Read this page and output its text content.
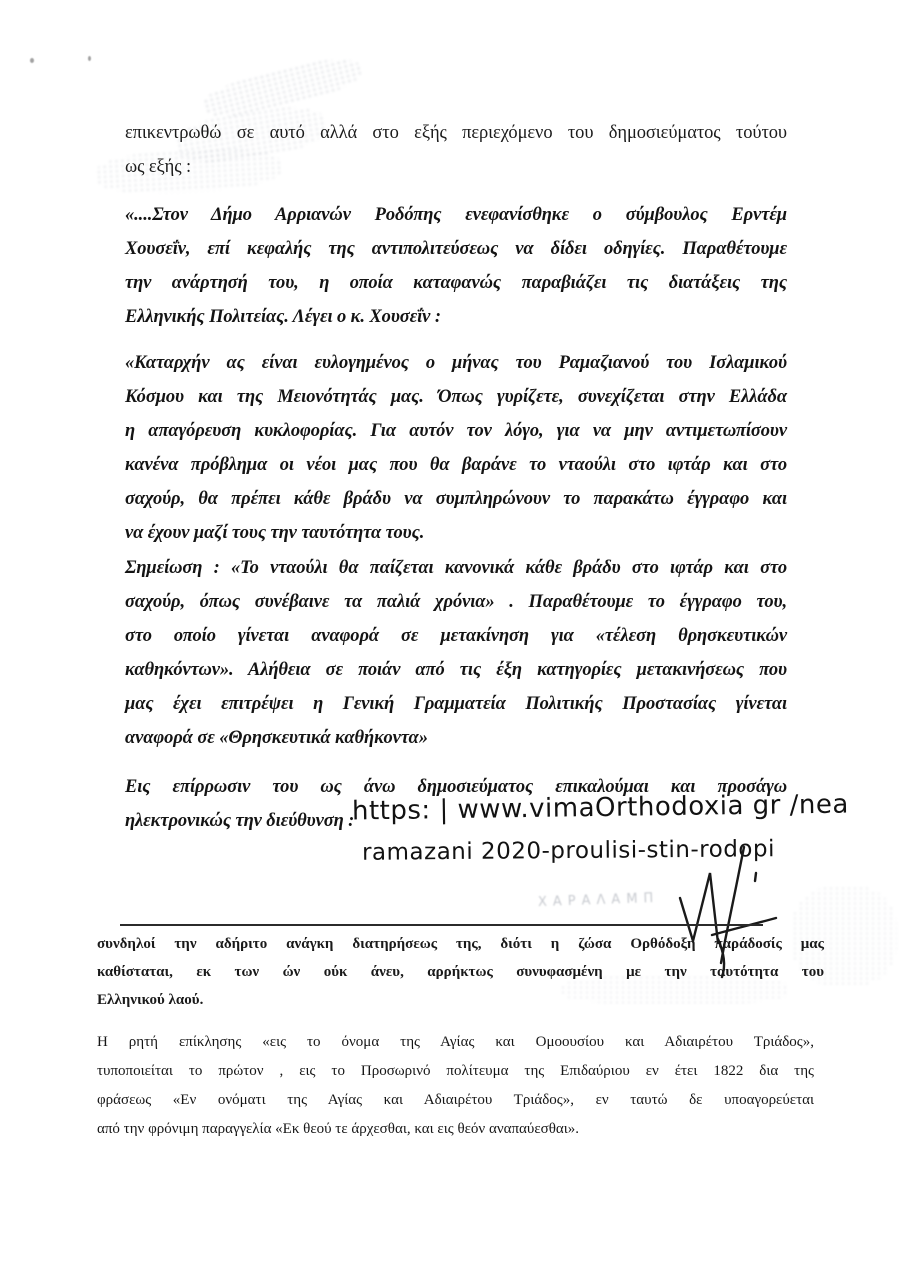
ΧΑΡΑΛΑΜΠ
επικεντρωθώ σε αυτό αλλά στο εξής περιεχόμενο του δημοσιεύματος τούτου
ως εξής :
«....Στον Δήμο Αρριανών Ροδόπης ενεφανίσθηκε ο σύμβουλος Ερντέμ
Χουσεΐν, επί κεφαλής της αντιπολιτεύσεως να δίδει οδηγίες. Παραθέτουμε
την ανάρτησή του, η οποία καταφανώς παραβιάζει τις διατάξεις της
Ελληνικής Πολιτείας. Λέγει ο κ. Χουσεΐν :
«Καταρχήν ας είναι ευλογημένος ο μήνας του Ραμαζιανού του Ισλαμικού
Κόσμου και της Μειονότητάς μας. Όπως γυρίζετε, συνεχίζεται στην Ελλάδα
η απαγόρευση κυκλοφορίας. Για αυτόν τον λόγο, για να μην αντιμετωπίσουν
κανένα πρόβλημα οι νέοι μας που θα βαράνε το νταούλι στο ιφτάρ και στο
σαχούρ, θα πρέπει κάθε βράδυ να συμπληρώνουν το παρακάτω έγγραφο και
να έχουν μαζί τους την ταυτότητα τους.
Σημείωση : «Το νταούλι θα παίζεται κανονικά κάθε βράδυ στο ιφτάρ και στο
σαχούρ, όπως συνέβαινε τα παλιά χρόνια» . Παραθέτουμε το έγγραφο του,
στο οποίο γίνεται αναφορά σε μετακίνηση για «τέλεση θρησκευτικών
καθηκόντων». Αλήθεια σε ποιάν από τις έξη κατηγορίες μετακινήσεως που
μας έχει επιτρέψει η Γενική Γραμματεία Πολιτικής Προστασίας γίνεται
αναφορά σε «Θρησκευτικά καθήκοντα»
Εις επίρρωσιν του ως άνω δημοσιεύματος επικαλούμαι και προσάγω
ηλεκτρονικώς την διεύθυνση :
https: | www.vimaOrthodoxia gr /nea
ramazani 2020-proulisi-stin-rodopi
συνδηλοί την αδήριτο ανάγκη διατηρήσεως της, διότι η ζώσα Ορθόδοξη παράδοσίς μας
καθίσταται, εκ των ών ούκ άνευ, αρρήκτως συνυφασμένη με την ταυτότητα του
Ελληνικού λαού.
Η ρητή επίκλησης «εις το όνομα της Αγίας και Ομοουσίου και Αδιαιρέτου Τριάδος»,
τυποποιείται το πρώτον , εις το Προσωρινό πολίτευμα της Επιδαύριου εν έτει 1822 δια της
φράσεως «Εν ονόματι της Αγίας και Αδιαιρέτου Τριάδος», εν ταυτώ δε υποαγορεύεται
από την φρόνιμη παραγγελία «Εκ θεού τε άρχεσθαι, και εις θεόν αναπαύεσθαι».
